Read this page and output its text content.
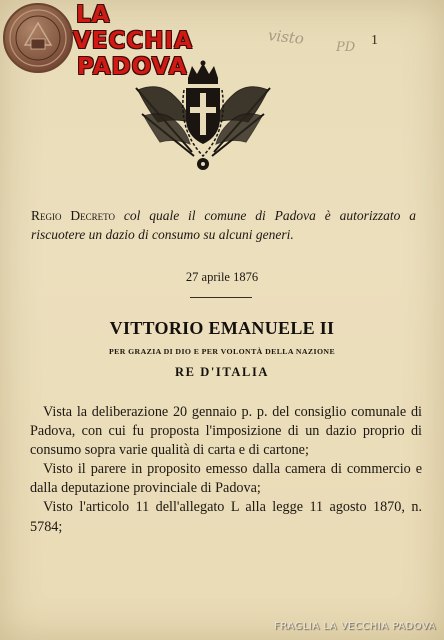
LA
VECCHIA
PADOVA
visto PD 1
Regio Decreto col quale il comune di Padova è autorizzato a riscuotere un dazio di consumo su alcuni generi.
27 aprile 1876
VITTORIO EMANUELE II
PER GRAZIA DI DIO E PER VOLONTÀ DELLA NAZIONE
RE D'ITALIA

Vista la deliberazione 20 gennaio p. p. del consiglio comunale di Padova, con cui fu proposta l'imposizione di un dazio proprio di consumo sopra varie qualità di carta e di cartone;

Visto il parere in proposito emesso dalla camera di commercio e dalla deputazione provinciale di Padova;

Visto l'articolo 11 dell'allegato L alla legge 11 agosto 1870, n. 5784;

FRAGLIA LA VECCHIA PADOVA
